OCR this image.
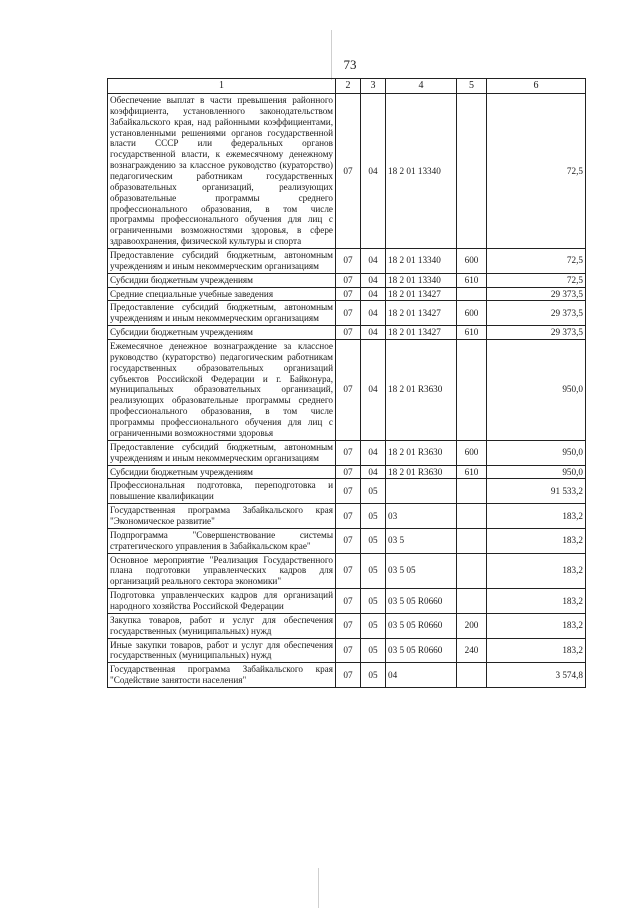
73
1	2	3	4	5	6
Обеспечение выплат в части превышения районного коэффициента, установленного законодательством Забайкальского края, над районными коэффициентами, установленными решениями органов государственной власти СССР или федеральных органов государственной власти, к ежемесячному денежному вознаграждению за классное руководство (кураторство) педагогическим работникам государственных образовательных организаций, реализующих образовательные программы среднего профессионального образования, в том числе программы профессионального обучения для лиц с ограниченными возможностями здоровья, в сфере здравоохранения, физической культуры и спорта	07	04	18 2 01 13340		72,5
Предоставление субсидий бюджетным, автономным учреждениям и иным некоммерческим организациям	07	04	18 2 01 13340	600	72,5
Субсидии бюджетным учреждениям	07	04	18 2 01 13340	610	72,5
Средние специальные учебные заведения	07	04	18 2 01 13427		29 373,5
Предоставление субсидий бюджетным, автономным учреждениям и иным некоммерческим организациям	07	04	18 2 01 13427	600	29 373,5
Субсидии бюджетным учреждениям	07	04	18 2 01 13427	610	29 373,5
Ежемесячное денежное вознаграждение за классное руководство (кураторство) педагогическим работникам государственных образовательных организаций субъектов Российской Федерации и г. Байконура, муниципальных образовательных организаций, реализующих образовательные программы среднего профессионального образования, в том числе программы профессионального обучения для лиц с ограниченными возможностями здоровья	07	04	18 2 01 R3630		950,0
Предоставление субсидий бюджетным, автономным учреждениям и иным некоммерческим организациям	07	04	18 2 01 R3630	600	950,0
Субсидии бюджетным учреждениям	07	04	18 2 01 R3630	610	950,0
Профессиональная подготовка, переподготовка и повышение квалификации	07	05			91 533,2
Государственная программа Забайкальского края "Экономическое развитие"	07	05	03		183,2
Подпрограмма "Совершенствование системы стратегического управления в Забайкальском крае"	07	05	03 5		183,2
Основное мероприятие "Реализация Государственного плана подготовки управленческих кадров для организаций реального сектора экономики"	07	05	03 5 05		183,2
Подготовка управленческих кадров для организаций народного хозяйства Российской Федерации	07	05	03 5 05 R0660		183,2
Закупка товаров, работ и услуг для обеспечения государственных (муниципальных) нужд	07	05	03 5 05 R0660	200	183,2
Иные закупки товаров, работ и услуг для обеспечения государственных (муниципальных) нужд	07	05	03 5 05 R0660	240	183,2
Государственная программа Забайкальского края "Содействие занятости населения"	07	05	04		3 574,8
